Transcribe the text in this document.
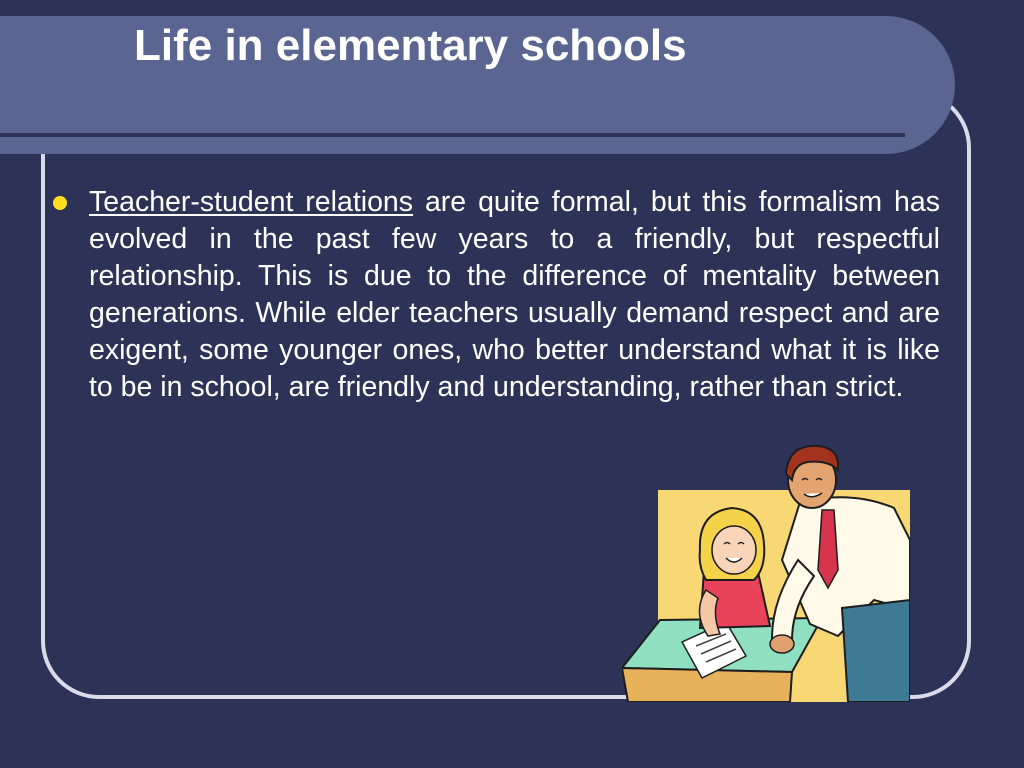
Life in elementary schools

Teacher-student relations are quite formal, but this formalism has evolved in the past few years to a friendly, but respectful relationship. This is due to the difference of mentality between generations. While elder teachers usually demand respect and are exigent, some younger ones, who better understand what it is like to be in school, are friendly and understanding, rather than strict.
